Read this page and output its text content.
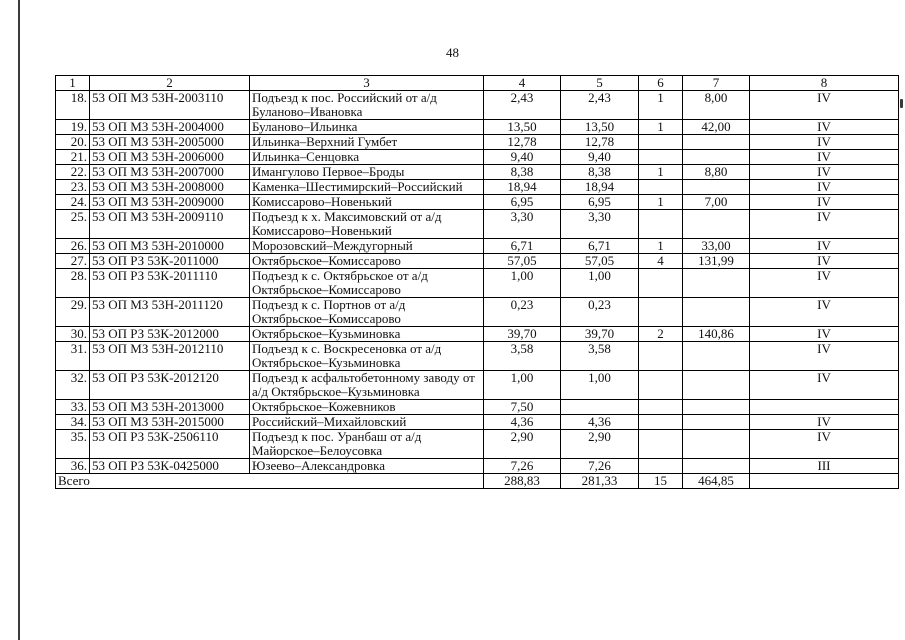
48
1	2	3	4	5	6	7	8
18.	53 ОП МЗ 53Н-2003110	Подъезд к пос. Российский от а/д Буланово–Ивановка	2,43	2,43	1	8,00	IV
19.	53 ОП МЗ 53Н-2004000	Буланово–Ильинка	13,50	13,50	1	42,00	IV
20.	53 ОП МЗ 53Н-2005000	Ильинка–Верхний Гумбет	12,78	12,78			IV
21.	53 ОП МЗ 53Н-2006000	Ильинка–Сенцовка	9,40	9,40			IV
22.	53 ОП МЗ 53Н-2007000	Имангулово Первое–Броды	8,38	8,38	1	8,80	IV
23.	53 ОП МЗ 53Н-2008000	Каменка–Шестимирский–Российский	18,94	18,94			IV
24.	53 ОП МЗ 53Н-2009000	Комиссарово–Новенький	6,95	6,95	1	7,00	IV
25.	53 ОП МЗ 53Н-2009110	Подъезд к х. Максимовский от а/д Комиссарово–Новенький	3,30	3,30			IV
26.	53 ОП МЗ 53Н-2010000	Морозовский–Междугорный	6,71	6,71	1	33,00	IV
27.	53 ОП РЗ 53К-2011000	Октябрьское–Комиссарово	57,05	57,05	4	131,99	IV
28.	53 ОП РЗ 53К-2011110	Подъезд к с. Октябрьское от а/д Октябрьское–Комиссарово	1,00	1,00			IV
29.	53 ОП МЗ 53Н-2011120	Подъезд к с. Портнов от а/д Октябрьское–Комиссарово	0,23	0,23			IV
30.	53 ОП РЗ 53К-2012000	Октябрьское–Кузьминовка	39,70	39,70	2	140,86	IV
31.	53 ОП МЗ 53Н-2012110	Подъезд к с. Воскресеновка от а/д Октябрьское–Кузьминовка	3,58	3,58			IV
32.	53 ОП РЗ 53К-2012120	Подъезд к асфальтобетонному заводу от а/д Октябрьское–Кузьминовка	1,00	1,00			IV
33.	53 ОП МЗ 53Н-2013000	Октябрьское–Кожевников	7,50				
34.	53 ОП МЗ 53Н-2015000	Российский–Михайловский	4,36	4,36			IV
35.	53 ОП РЗ 53К-2506110	Подъезд к пос. Уранбаш от а/д Майорское–Белоусовка	2,90	2,90			IV
36.	53 ОП РЗ 53К-0425000	Юзеево–Александровка	7,26	7,26			III
Всего			288,83	281,33	15	464,85	
